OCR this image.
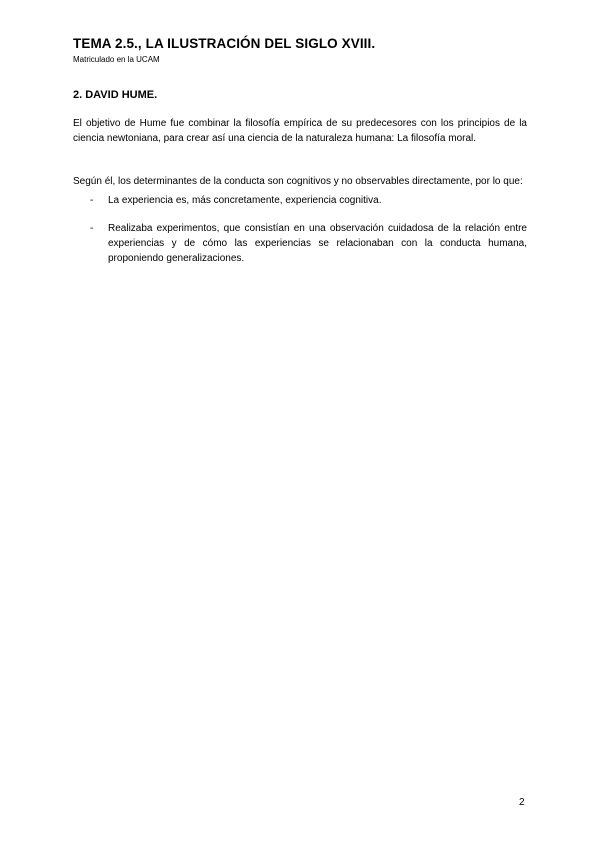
TEMA 2.5., LA ILUSTRACIÓN DEL SIGLO XVIII.
Matriculado en la UCAM
2. DAVID HUME.

El objetivo de Hume fue combinar la filosofía empírica de su predecesores con los principios de la ciencia newtoniana, para crear así una ciencia de la naturaleza humana: La filosofía moral.

Según él, los determinantes de la conducta son cognitivos y no observables directamente, por lo que:

- La experiencia es, más concretamente, experiencia cognitiva.
- Realizaba experimentos, que consistían en una observación cuidadosa de la relación entre experiencias y de cómo las experiencias se relacionaban con la conducta humana, proponiendo generalizaciones.
2
